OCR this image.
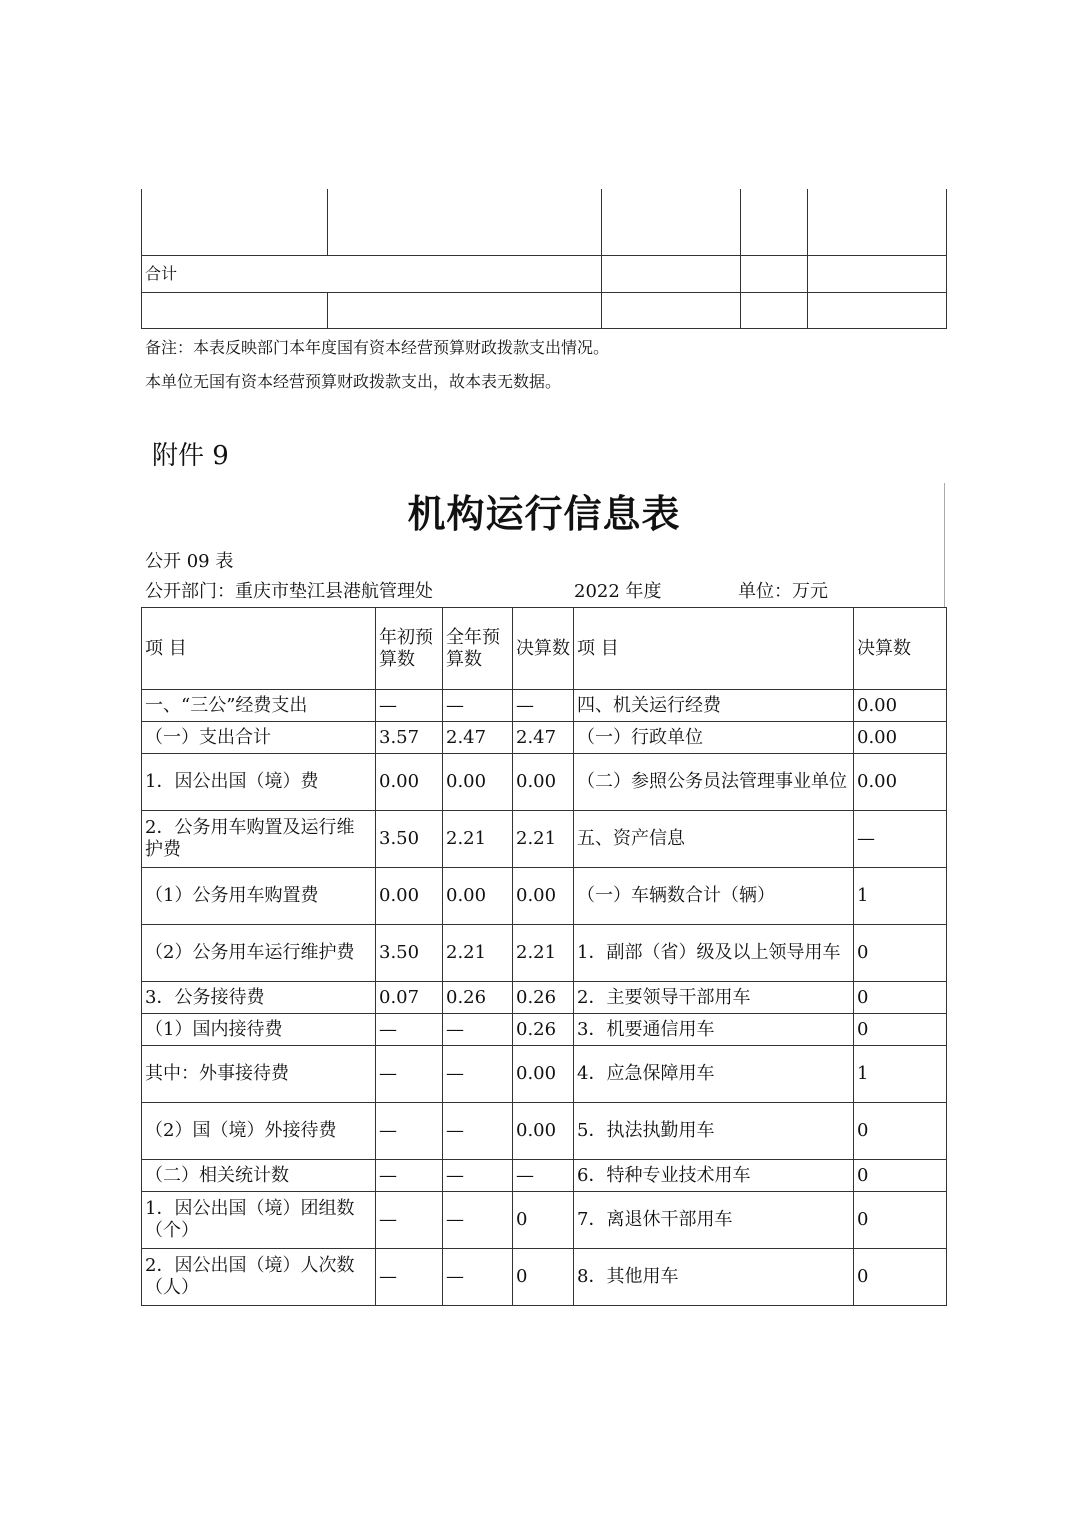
合计				

备注：本表反映部门本年度国有资本经营预算财政拨款支出情况。
本单位无国有资本经营预算财政拨款支出，故本表无数据。
附件 9
机构运行信息表
公开 09 表
公开部门：重庆市垫江县港航管理处	2022 年度	单位：万元
项 目	年初预算数	全年预算数	决算数	项 目	决算数
一、“三公”经费支出	—	—	—	四、机关运行经费	0.00
（一）支出合计	3.57	2.47	2.47	（一）行政单位	0.00
1．因公出国（境）费	0.00	0.00	0.00	（二）参照公务员法管理事业单位	0.00
2．公务用车购置及运行维护费	3.50	2.21	2.21	五、资产信息	—
（1）公务用车购置费	0.00	0.00	0.00	（一）车辆数合计（辆）	1
（2）公务用车运行维护费	3.50	2.21	2.21	1．副部（省）级及以上领导用车	0
3．公务接待费	0.07	0.26	0.26	2．主要领导干部用车	0
（1）国内接待费	—	—	0.26	3．机要通信用车	0
其中：外事接待费	—	—	0.00	4．应急保障用车	1
（2）国（境）外接待费	—	—	0.00	5．执法执勤用车	0
（二）相关统计数	—	—	—	6．特种专业技术用车	0
1．因公出国（境）团组数（个）	—	—	0	7．离退休干部用车	0
2．因公出国（境）人次数（人）	—	—	0	8．其他用车	0
